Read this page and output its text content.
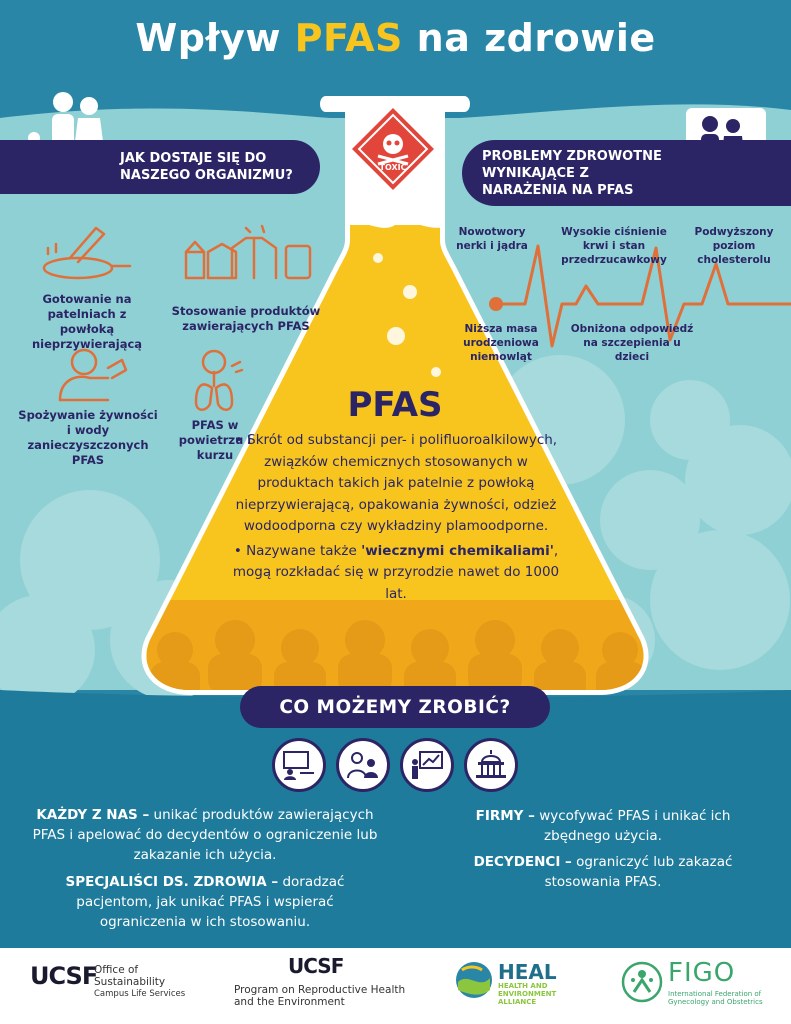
Wpływ PFAS na zdrowie
TOXIC
JAK DOSTAJE SIĘ DO NASZEGO ORGANIZMU?
PROBLEMY ZDROWOTNE WYNIKAJĄCE Z NARAŻENIA NA PFAS
Gotowanie na patelniach z powłoką nieprzywierającą
Stosowanie produktów zawierających PFAS
Spożywanie żywności i wody zanieczyszczonych PFAS
PFAS w powietrzu i kurzu
Nowotwory nerki i jądra
Wysokie ciśnienie krwi i stan przedrzucawkowy
Podwyższony poziom cholesterolu
Niższa masa urodzeniowa niemowląt
Obniżona odpowiedź na szczepienia u dzieci
PFAS

• Skrót od substancji per- i polifluoroalkilowych, związków chemicznych stosowanych w produktach takich jak patelnie z powłoką nieprzywierającą, opakowania żywności, odzież wodoodporna czy wykładziny plamoodporne.

• Nazywane także 'wiecznymi chemikaliami', mogą rozkładać się w przyrodzie nawet do 1000 lat.

CO MOŻEMY ZROBIĆ?
KAŻDY Z NAS – unikać produktów zawierających PFAS i apelować do decydentów o ograniczenie lub zakazanie ich użycia.
SPECJALIŚCI DS. ZDROWIA – doradzać pacjentom, jak unikać PFAS i wspierać ograniczenia w ich stosowaniu.
FIRMY – wycofywać PFAS i unikać ich zbędnego użycia.
DECYDENCI – ograniczyć lub zakazać stosowania PFAS.
UCSF
Office of
Sustainability
Campus Life Services
UCSF
Program on Reproductive Health
and the Environment
HEAL
HEALTH AND
ENVIRONMENT
ALLIANCE
FIGO
International Federation of
Gynecology and Obstetrics
